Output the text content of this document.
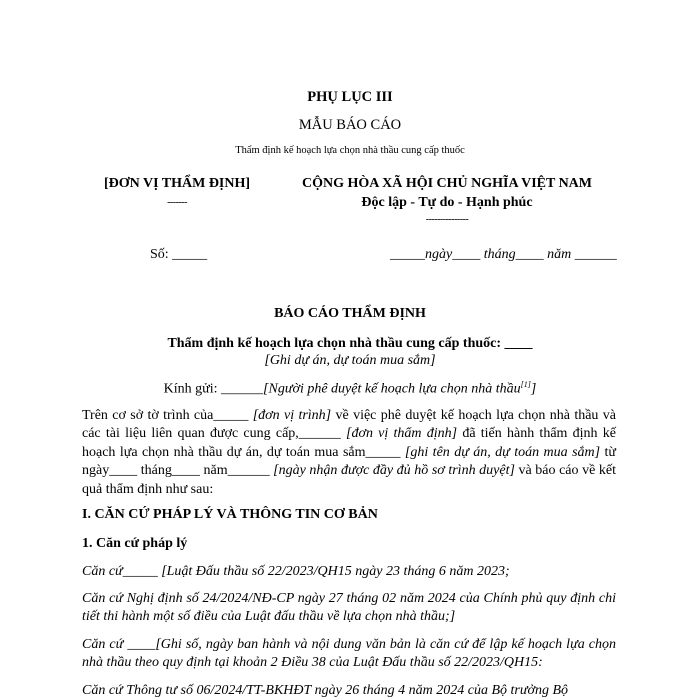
PHỤ LỤC III
MẪU BÁO CÁO
Thẩm định kế hoạch lựa chọn nhà thầu cung cấp thuốc
[ĐƠN VỊ THẨM ĐỊNH]
-------
CỘNG HÒA XÃ HỘI CHỦ NGHĨA VIỆT NAM
Độc lập - Tự do - Hạnh phúc
---------------
Số: _____	_____ngày____ tháng____ năm ______
BÁO CÁO THẨM ĐỊNH
Thẩm định kế hoạch lựa chọn nhà thầu cung cấp thuốc: ____
[Ghi dự án, dự toán mua sắm]
Kính gửi: ______[Người phê duyệt kế hoạch lựa chọn nhà thầu[1]]
Trên cơ sở tờ trình của_____ [đơn vị trình] về việc phê duyệt kế hoạch lựa chọn nhà thầu và các tài liệu liên quan được cung cấp,______ [đơn vị thẩm định] đã tiến hành thẩm định kế hoạch lựa chọn nhà thầu dự án, dự toán mua sắm_____ [ghi tên dự án, dự toán mua sắm] từ ngày____ tháng____ năm______ [ngày nhận được đầy đủ hồ sơ trình duyệt] và báo cáo về kết quả thẩm định như sau:
I. CĂN CỨ PHÁP LÝ VÀ THÔNG TIN CƠ BẢN
1. Căn cứ pháp lý
Căn cứ_____ [Luật Đấu thầu số 22/2023/QH15 ngày 23 tháng 6 năm 2023;
Căn cứ Nghị định số 24/2024/NĐ-CP ngày 27 tháng 02 năm 2024 của Chính phủ quy định chi tiết thi hành một số điều của Luật đấu thầu về lựa chọn nhà thầu;]
Căn cứ ____[Ghi số, ngày ban hành và nội dung văn bản là căn cứ để lập kế hoạch lựa chọn nhà thầu theo quy định tại khoản 2 Điều 38 của Luật Đấu thầu số 22/2023/QH15:
Căn cứ Thông tư số 06/2024/TT-BKHĐT ngày 26 tháng 4 năm 2024 của Bộ trưởng Bộ
